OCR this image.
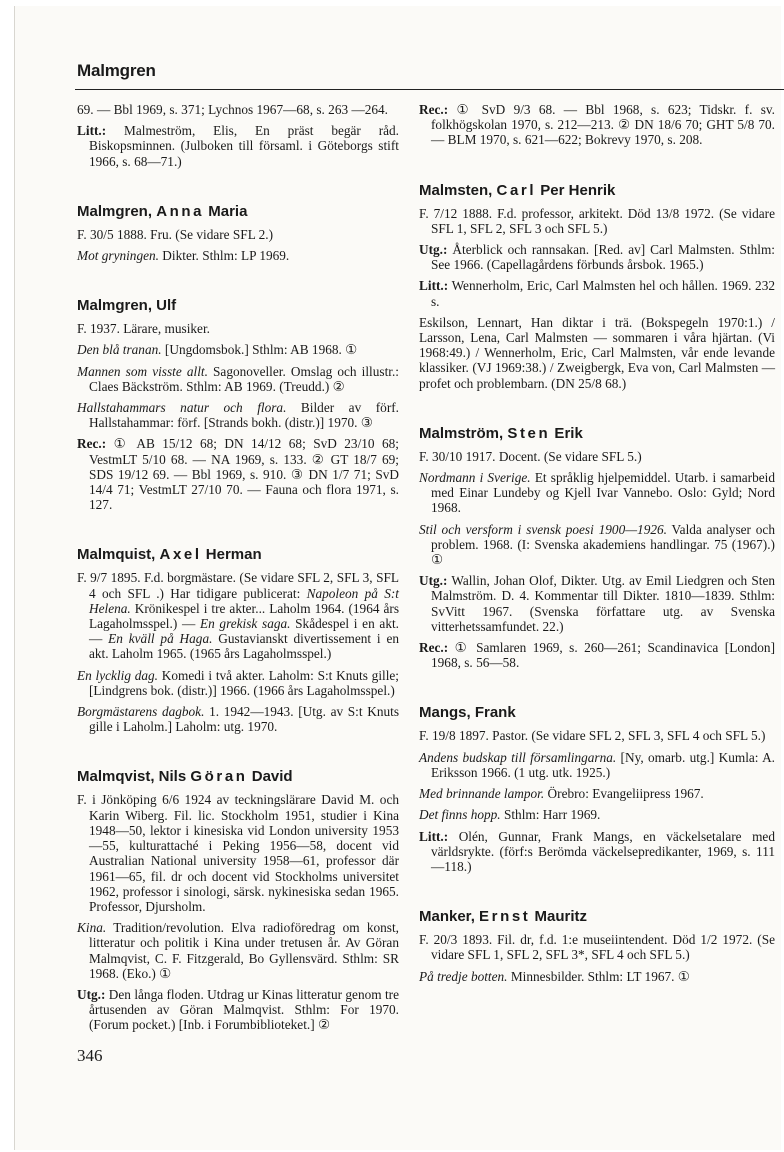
Malmgren

69. — Bbl 1969, s. 371; Lychnos 1967—68, s. 263 —264.

Litt.: Malmeström, Elis, En präst begär råd. Biskopsminnen. (Julboken till församl. i Göteborgs stift 1966, s. 68—71.)

Malmgren, Anna Maria

F. 30/5 1888. Fru. (Se vidare SFL 2.)

Mot gryningen. Dikter. Sthlm: LP 1969.

Malmgren, Ulf

F. 1937. Lärare, musiker.

Den blå tranan. [Ungdomsbok.] Sthlm: AB 1968. ①

Mannen som visste allt. Sagonoveller. Omslag och illustr.: Claes Bäckström. Sthlm: AB 1969. (Treudd.) ②

Hallstahammars natur och flora. Bilder av förf. Hallstahammar: förf. [Strands bokh. (distr.)] 1970. ③

Rec.: ① AB 15/12 68; DN 14/12 68; SvD 23/10 68; VestmLT 5/10 68. — NA 1969, s. 133. ② GT 18/7 69; SDS 19/12 69. — Bbl 1969, s. 910. ③ DN 1/7 71; SvD 14/4 71; VestmLT 27/10 70. — Fauna och flora 1971, s. 127.

Malmquist, Axel Herman

F. 9/7 1895. F.d. borgmästare. (Se vidare SFL 2, SFL 3, SFL 4 och SFL .) Har tidigare publicerat: Napoleon på S:t Helena. Krönikespel i tre akter... Laholm 1964. (1964 års Lagaholmsspel.) — En grekisk saga. Skådespel i en akt. — En kväll på Haga. Gustavianskt divertissement i en akt. Laholm 1965. (1965 års Lagaholmsspel.)

En lycklig dag. Komedi i två akter. Laholm: S:t Knuts gille; [Lindgrens bok. (distr.)] 1966. (1966 års Lagaholmsspel.)

Borgmästarens dagbok. 1. 1942—1943. [Utg. av S:t Knuts gille i Laholm.] Laholm: utg. 1970.

Malmqvist, Nils Göran David

F. i Jönköping 6/6 1924 av teckningslärare David M. och Karin Wiberg. Fil. lic. Stockholm 1951, studier i Kina 1948—50, lektor i kinesiska vid London university 1953—55, kulturattaché i Peking 1956—58, docent vid Australian National university 1958—61, professor där 1961—65, fil. dr och docent vid Stockholms universitet 1962, professor i sinologi, särsk. nykinesiska sedan 1965. Professor, Djursholm.

Kina. Tradition/revolution. Elva radioföredrag om konst, litteratur och politik i Kina under tretusen år. Av Göran Malmqvist, C. F. Fitzgerald, Bo Gyllensvärd. Sthlm: SR 1968. (Eko.) ①

Utg.: Den långa floden. Utdrag ur Kinas litteratur genom tre årtusenden av Göran Malmqvist. Sthlm: For 1970. (Forum pocket.) [Inb. i Forumbiblioteket.] ②

Rec.: ① SvD 9/3 68. — Bbl 1968, s. 623; Tidskr. f. sv. folkhögskolan 1970, s. 212—213. ② DN 18/6 70; GHT 5/8 70. — BLM 1970, s. 621—622; Bokrevy 1970, s. 208.

Malmsten, Carl Per Henrik

F. 7/12 1888. F.d. professor, arkitekt. Död 13/8 1972. (Se vidare SFL 1, SFL 2, SFL 3 och SFL 5.)

Utg.: Återblick och rannsakan. [Red. av] Carl Malmsten. Sthlm: See 1966. (Capellagårdens förbunds årsbok. 1965.)

Litt.: Wennerholm, Eric, Carl Malmsten hel och hållen. 1969. 232 s.

Eskilson, Lennart, Han diktar i trä. (Bokspegeln 1970:1.) / Larsson, Lena, Carl Malmsten — sommaren i våra hjärtan. (Vi 1968:49.) / Wennerholm, Eric, Carl Malmsten, vår ende levande klassiker. (VJ 1969:38.) / Zweigbergk, Eva von, Carl Malmsten — profet och problembarn. (DN 25/8 68.)

Malmström, Sten Erik

F. 30/10 1917. Docent. (Se vidare SFL 5.)

Nordmann i Sverige. Et språklig hjelpemiddel. Utarb. i samarbeid med Einar Lundeby og Kjell Ivar Vannebo. Oslo: Gyld; Nord 1968.

Stil och versform i svensk poesi 1900—1926. Valda analyser och problem. 1968. (I: Svenska akademiens handlingar. 75 (1967).) ①

Utg.: Wallin, Johan Olof, Dikter. Utg. av Emil Liedgren och Sten Malmström. D. 4. Kommentar till Dikter. 1810—1839. Sthlm: SvVitt 1967. (Svenska författare utg. av Svenska vitterhetssamfundet. 22.)

Rec.: ① Samlaren 1969, s. 260—261; Scandinavica [London] 1968, s. 56—58.

Mangs, Frank

F. 19/8 1897. Pastor. (Se vidare SFL 2, SFL 3, SFL 4 och SFL 5.)

Andens budskap till församlingarna. [Ny, omarb. utg.] Kumla: A. Eriksson 1966. (1 utg. utk. 1925.)

Med brinnande lampor. Örebro: Evangeliipress 1967.

Det finns hopp. Sthlm: Harr 1969.

Litt.: Olén, Gunnar, Frank Mangs, en väckelsetalare med världsrykte. (förf:s Berömda väckelsepredikanter, 1969, s. 111—118.)

Manker, Ernst Mauritz

F. 20/3 1893. Fil. dr, f.d. 1:e museiintendent. Död 1/2 1972. (Se vidare SFL 1, SFL 2, SFL 3*, SFL 4 och SFL 5.)

På tredje botten. Minnesbilder. Sthlm: LT 1967. ①

346
